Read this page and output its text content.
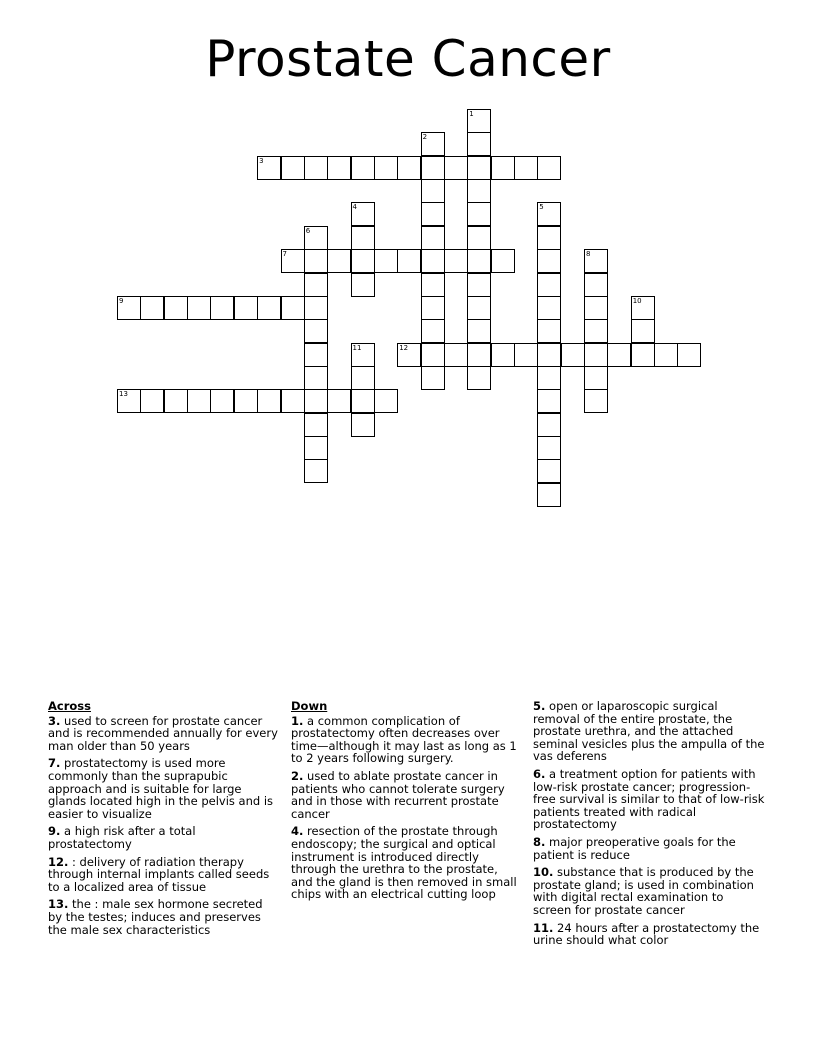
Prostate Cancer
1
2
3
4	5
6
7	8
9	10
11	12
13
Across
3. used to screen for prostate cancer and is recommended annually for every man older than 50 years
7. prostatectomy is used more commonly than the suprapubic approach and is suitable for large glands located high in the pelvis and is easier to visualize
9. a high risk after a total prostatectomy
12. : delivery of radiation therapy through internal implants called seeds to a localized area of tissue
13. the : male sex hormone secreted by the testes; induces and preserves the male sex characteristics
Down
1. a common complication of prostatectomy often decreases over time—although it may last as long as 1 to 2 years following surgery.
2. used to ablate prostate cancer in patients who cannot tolerate surgery and in those with recurrent prostate cancer
4. resection of the prostate through endoscopy; the surgical and optical instrument is introduced directly through the urethra to the prostate, and the gland is then removed in small chips with an electrical cutting loop
5. open or laparoscopic surgical removal of the entire prostate, the prostate urethra, and the attached seminal vesicles plus the ampulla of the vas deferens
6. a treatment option for patients with low-risk prostate cancer; progression-free survival is similar to that of low-risk patients treated with radical prostatectomy
8. major preoperative goals for the patient is reduce
10. substance that is produced by the prostate gland; is used in combination with digital rectal examination to screen for prostate cancer
11. 24 hours after a prostatectomy the urine should what color
